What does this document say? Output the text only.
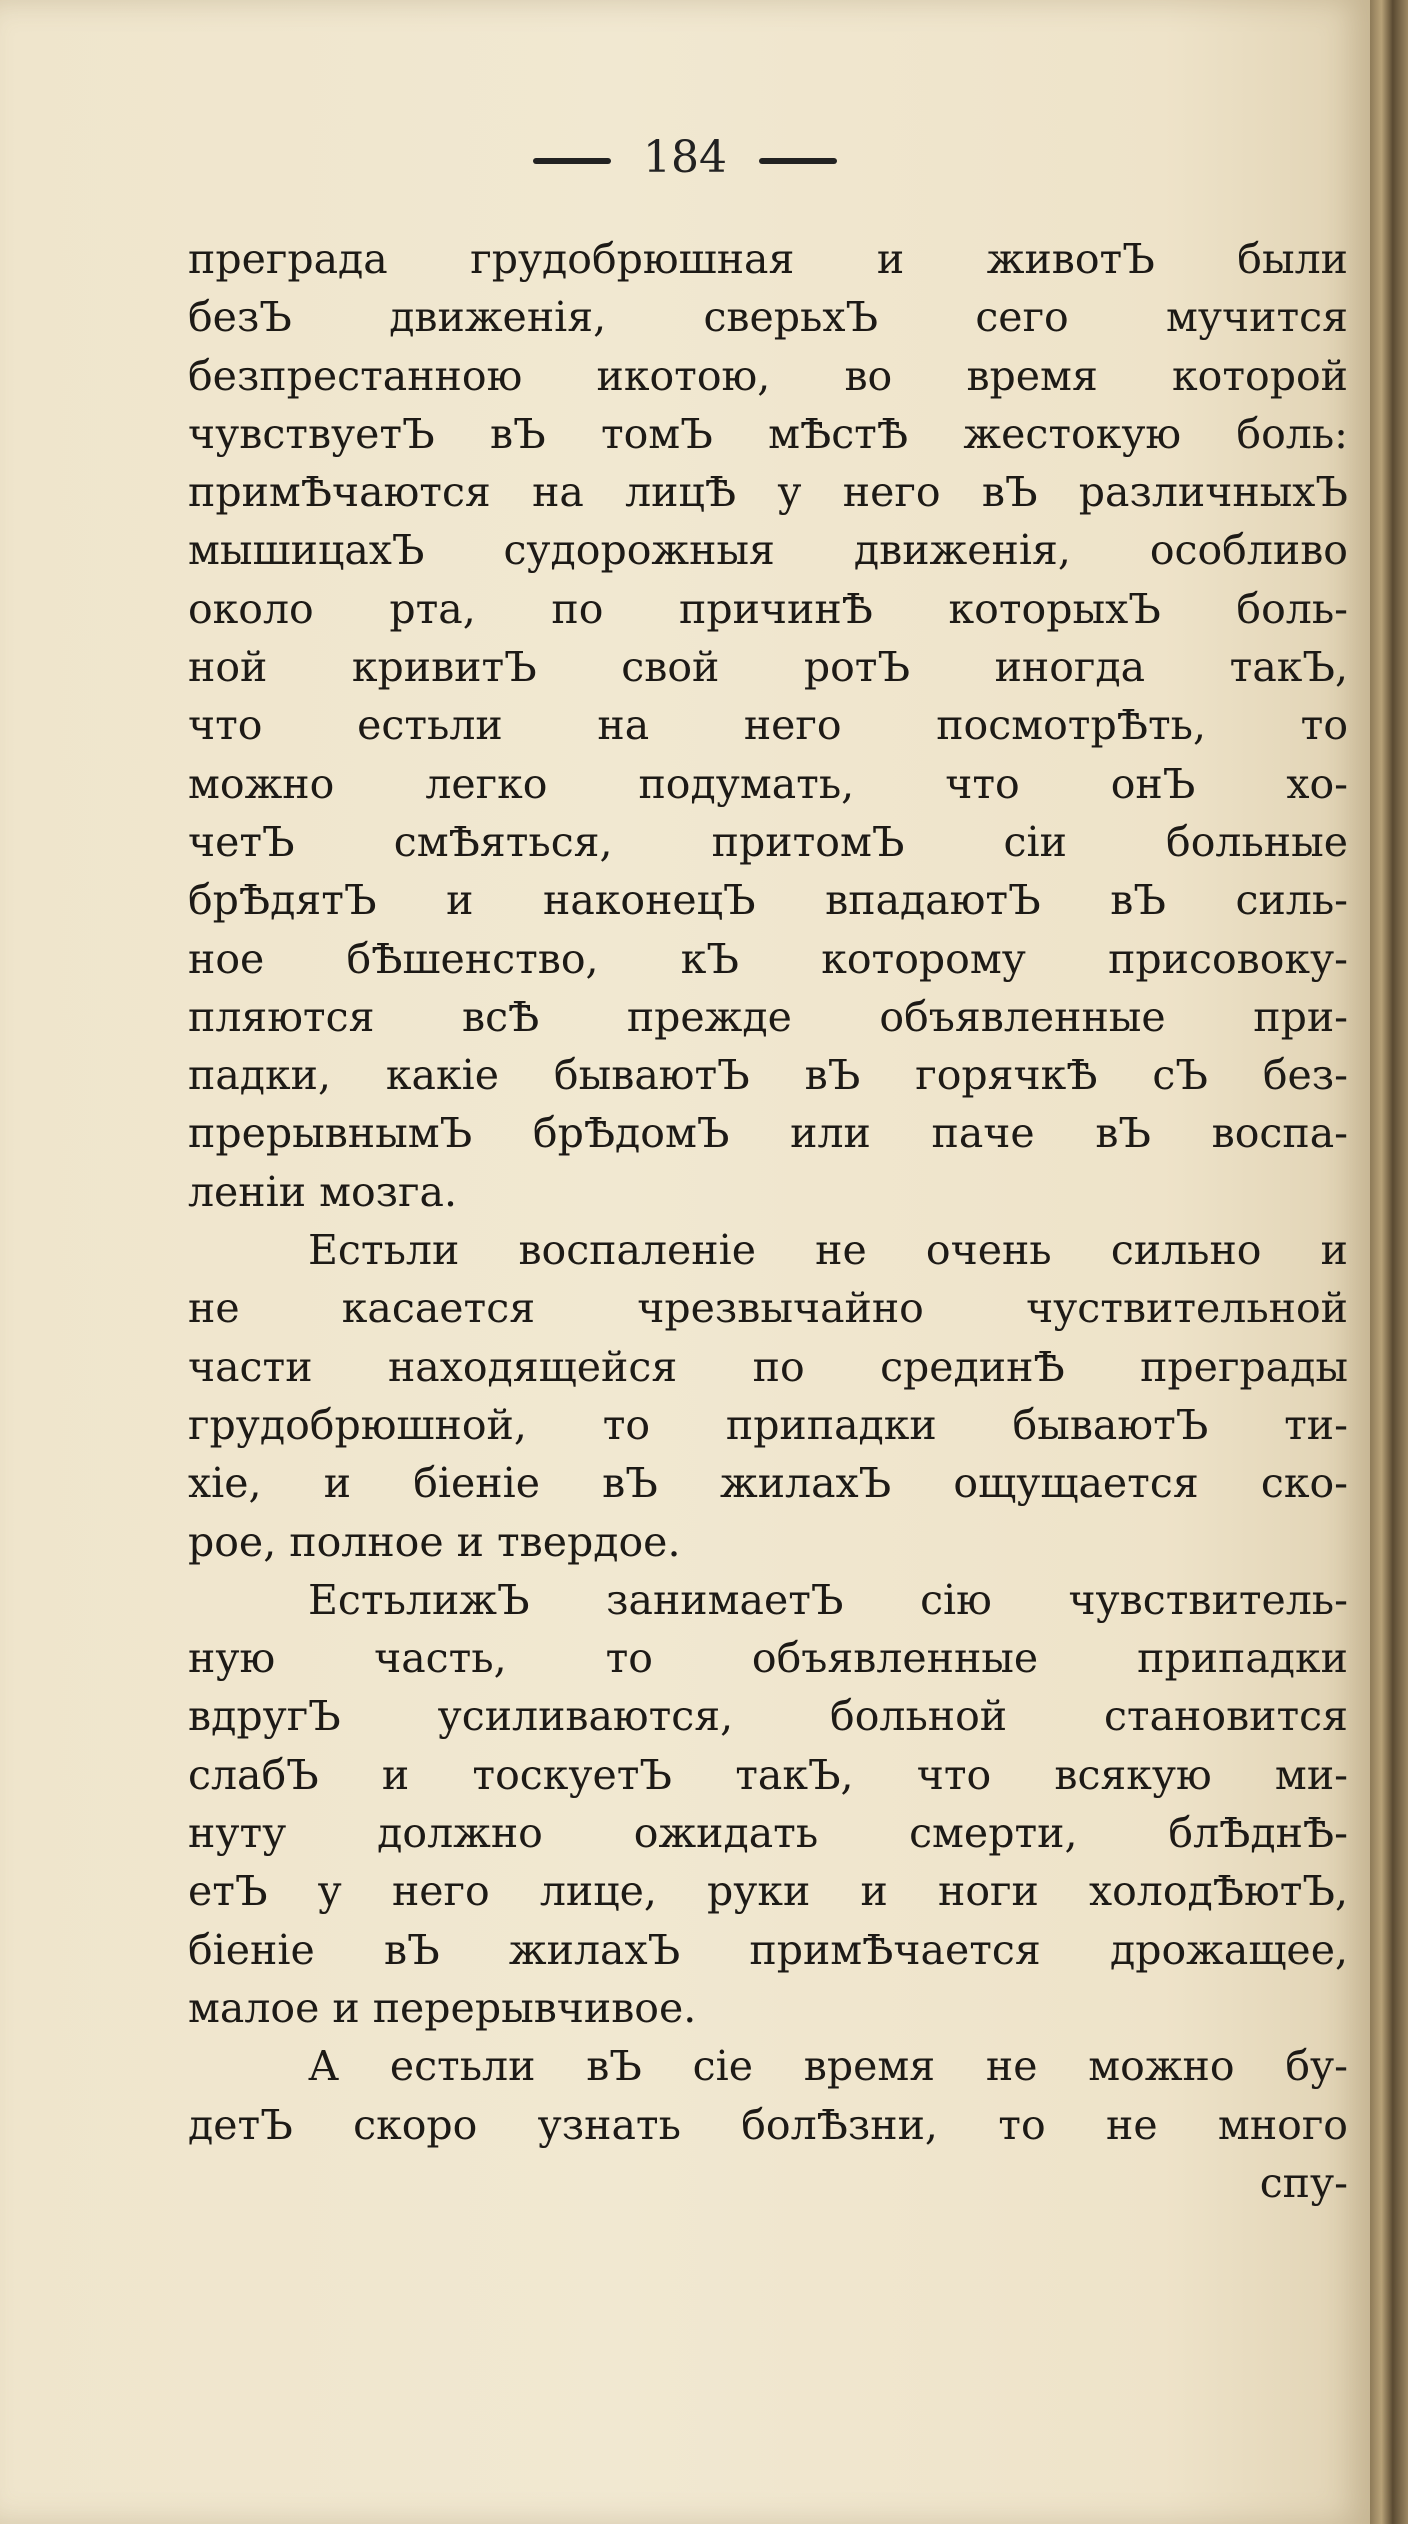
184
преграда грудобрюшная и животЪ были
безЪ движенiя, сверьхЪ сего мучится
безпрестанною икотою, во время которой
чувствуетЪ вЪ томЪ мѢстѢ жестокую боль:
примѢчаются на лицѢ у него вЪ различныхЪ
мышицахЪ судорожныя движенiя, особливо
около рта, по причинѢ которыхЪ боль-
ной кривитЪ свой ротЪ иногда такЪ,
что естьли на него посмотрѢть, то
можно легко подумать, что онЪ хо-
четЪ смѢяться, притомЪ сiи больные
брѢдятЪ и наконецЪ впадаютЪ вЪ силь-
ное бѢшенство, кЪ которому присовоку-
пляются всѢ прежде объявленные при-
падки, какiе бываютЪ вЪ горячкѢ сЪ без-
прерывнымЪ брѢдомЪ или паче вЪ воспа-
ленiи мозга.
Естьли воспаленiе не очень сильно и
не касается чрезвычайно чуствительной
части находящейся по срединѢ преграды
грудобрюшной, то припадки бываютЪ ти-
хiе, и бiенiе вЪ жилахЪ ощущается ско-
рое, полное и твердое.
ЕстьлижЪ занимаетЪ сiю чувствитель-
ную часть, то объявленные припадки
вдругЪ усиливаются, больной становится
слабЪ и тоскуетЪ такЪ, что всякую ми-
нуту должно ожидать смерти, блѢднѢ-
етЪ у него лице, руки и ноги холодѢютЪ,
бiенiе вЪ жилахЪ примѢчается дрожащее,
малое и перерывчивое.
А естьли вЪ сiе время не можно бу-
детЪ скоро узнать болѢзни, то не много
спу-
